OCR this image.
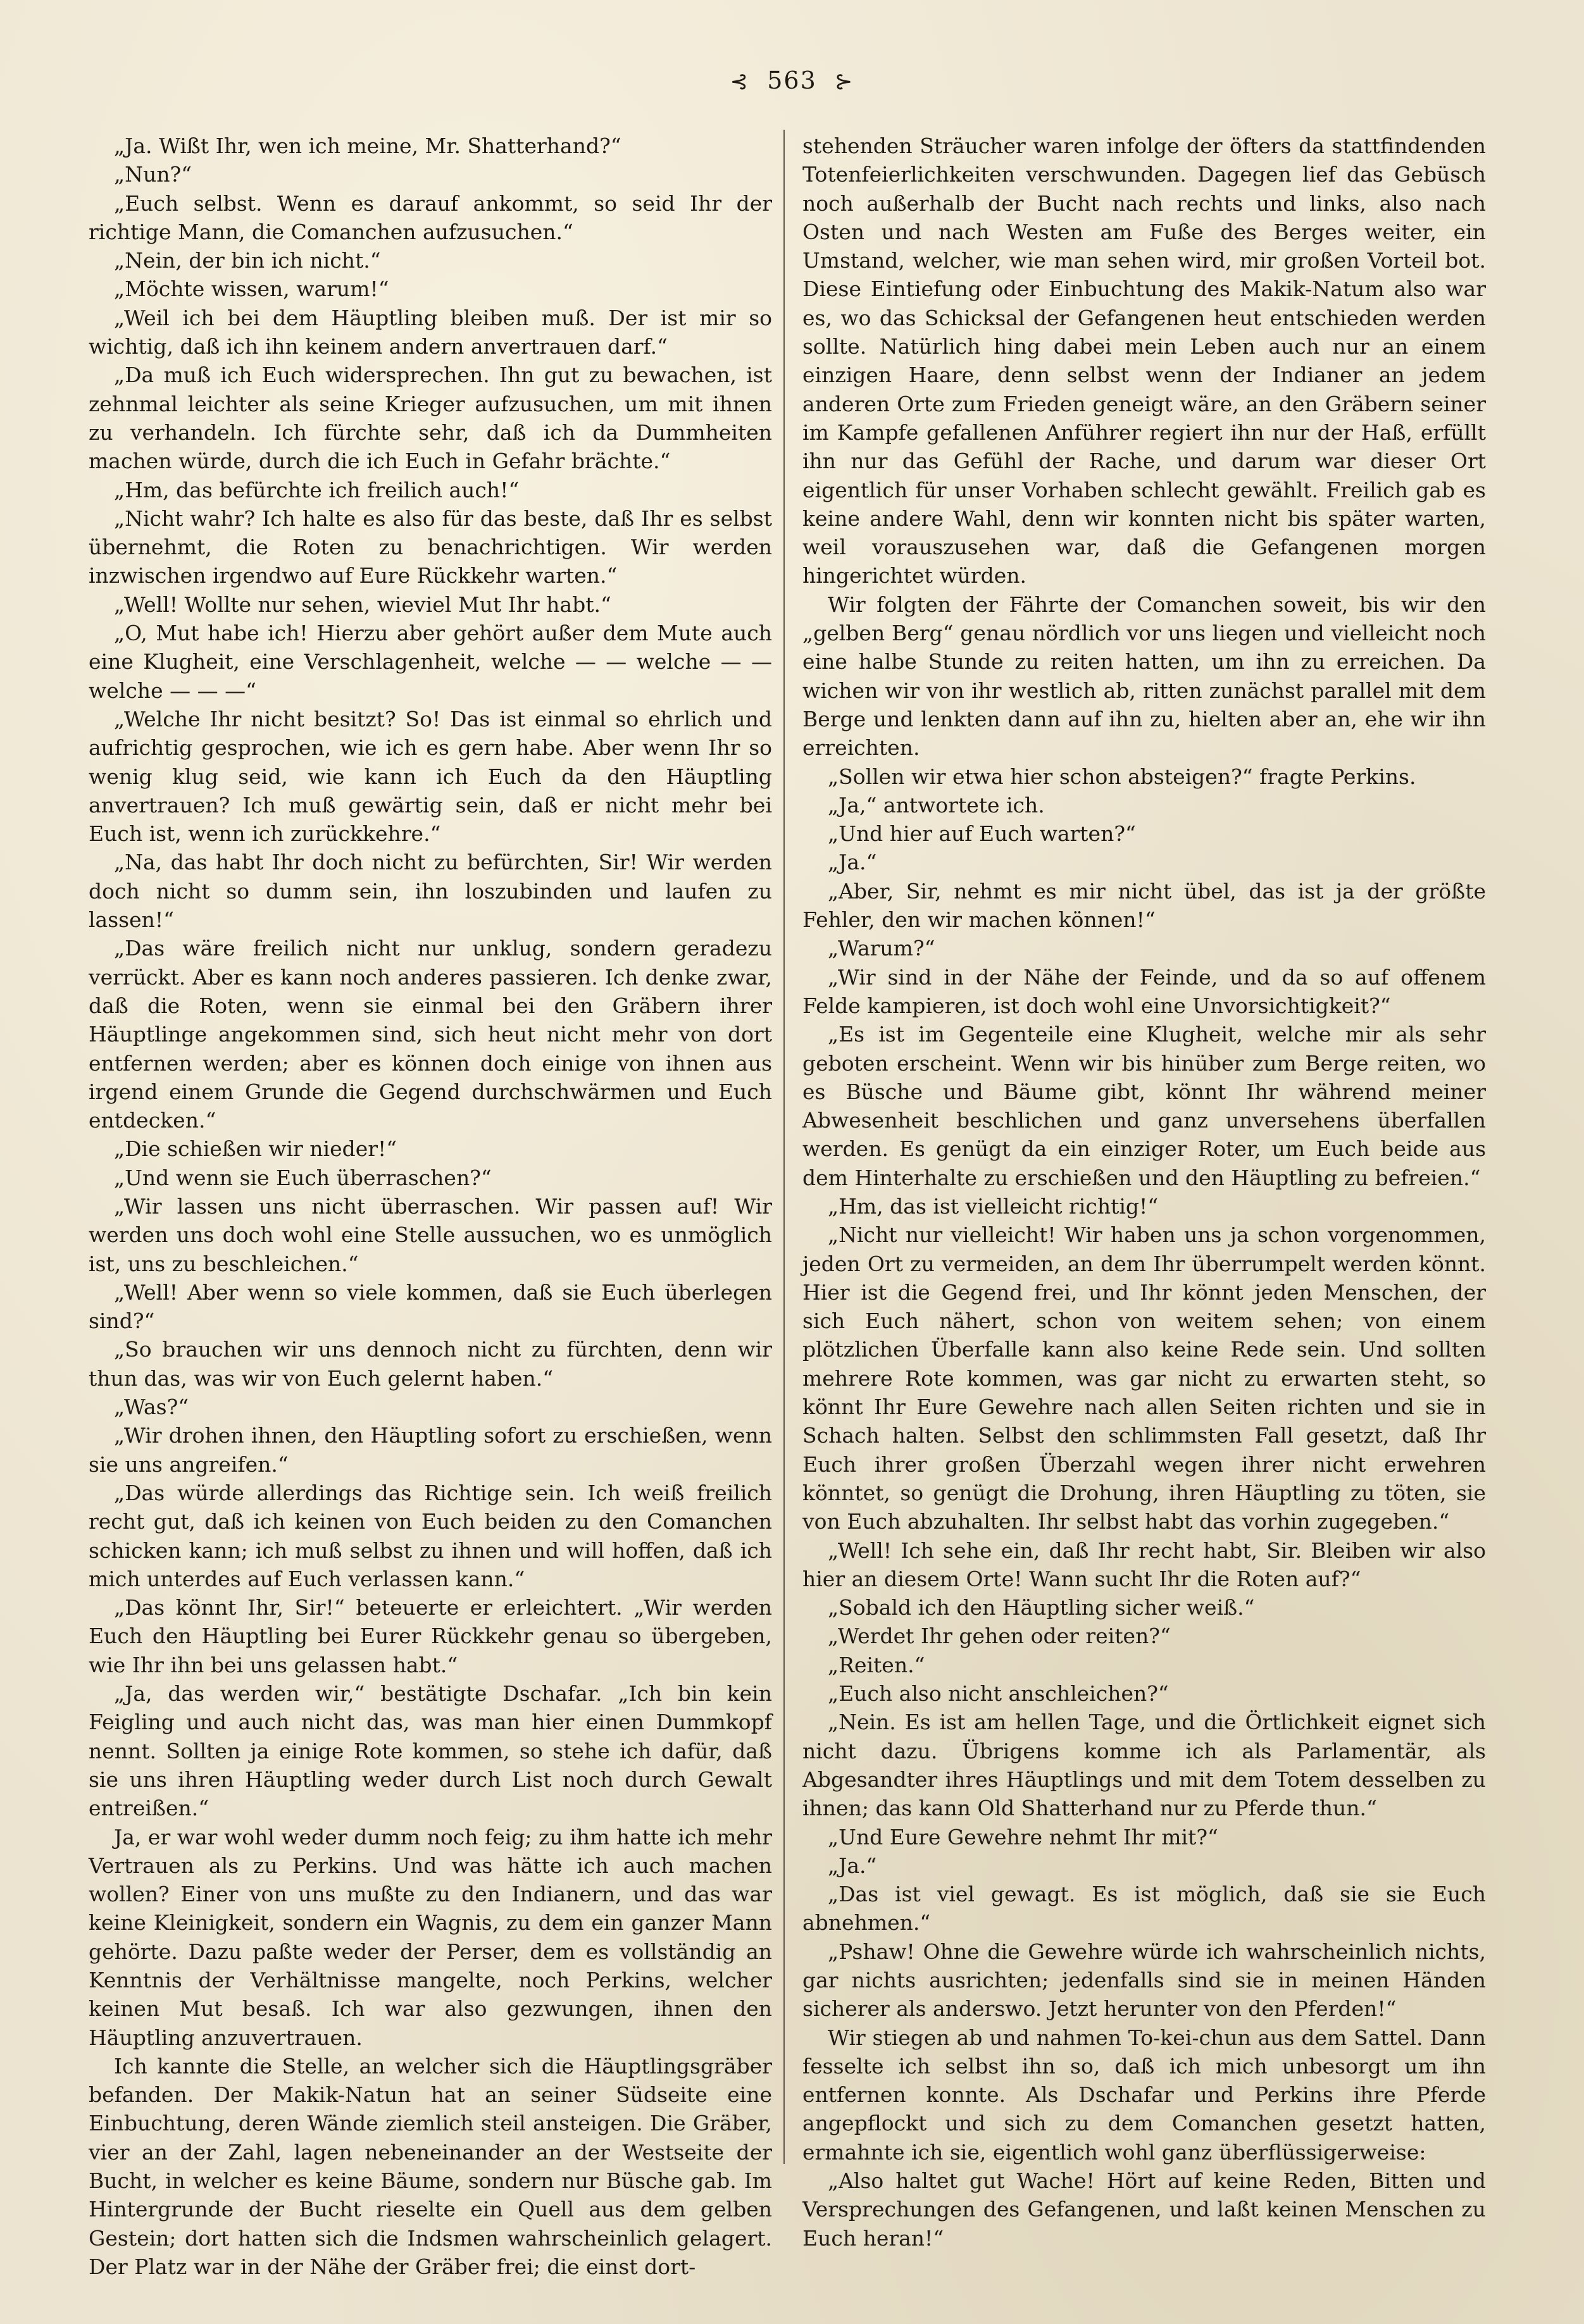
⊰ 563 ⊱

„Ja. Wißt Ihr, wen ich meine, Mr. Shatterhand?“

„Nun?“

„Euch selbst. Wenn es darauf ankommt, so seid Ihr der richtige Mann, die Comanchen aufzusuchen.“

„Nein, der bin ich nicht.“

„Möchte wissen, warum!“

„Weil ich bei dem Häuptling bleiben muß. Der ist mir so wichtig, daß ich ihn keinem andern anvertrauen darf.“

„Da muß ich Euch widersprechen. Ihn gut zu bewachen, ist zehnmal leichter als seine Krieger aufzusuchen, um mit ihnen zu verhandeln. Ich fürchte sehr, daß ich da Dummheiten machen würde, durch die ich Euch in Gefahr brächte.“

„Hm, das befürchte ich freilich auch!“

„Nicht wahr? Ich halte es also für das beste, daß Ihr es selbst übernehmt, die Roten zu benachrichtigen. Wir werden inzwischen irgendwo auf Eure Rückkehr warten.“

„Well! Wollte nur sehen, wieviel Mut Ihr habt.“

„O, Mut habe ich! Hierzu aber gehört außer dem Mute auch eine Klugheit, eine Verschlagenheit, welche — — welche — — welche — — —“

„Welche Ihr nicht besitzt? So! Das ist einmal so ehrlich und aufrichtig gesprochen, wie ich es gern habe. Aber wenn Ihr so wenig klug seid, wie kann ich Euch da den Häuptling anvertrauen? Ich muß gewärtig sein, daß er nicht mehr bei Euch ist, wenn ich zurückkehre.“

„Na, das habt Ihr doch nicht zu befürchten, Sir! Wir werden doch nicht so dumm sein, ihn loszubinden und laufen zu lassen!“

„Das wäre freilich nicht nur unklug, sondern geradezu verrückt. Aber es kann noch anderes passieren. Ich denke zwar, daß die Roten, wenn sie einmal bei den Gräbern ihrer Häuptlinge angekommen sind, sich heut nicht mehr von dort entfernen werden; aber es können doch einige von ihnen aus irgend einem Grunde die Gegend durchschwärmen und Euch entdecken.“

„Die schießen wir nieder!“

„Und wenn sie Euch überraschen?“

„Wir lassen uns nicht überraschen. Wir passen auf! Wir werden uns doch wohl eine Stelle aussuchen, wo es unmöglich ist, uns zu beschleichen.“

„Well! Aber wenn so viele kommen, daß sie Euch überlegen sind?“

„So brauchen wir uns dennoch nicht zu fürchten, denn wir thun das, was wir von Euch gelernt haben.“

„Was?“

„Wir drohen ihnen, den Häuptling sofort zu erschießen, wenn sie uns angreifen.“

„Das würde allerdings das Richtige sein. Ich weiß freilich recht gut, daß ich keinen von Euch beiden zu den Comanchen schicken kann; ich muß selbst zu ihnen und will hoffen, daß ich mich unterdes auf Euch verlassen kann.“

„Das könnt Ihr, Sir!“ beteuerte er erleichtert. „Wir werden Euch den Häuptling bei Eurer Rückkehr genau so übergeben, wie Ihr ihn bei uns gelassen habt.“

„Ja, das werden wir,“ bestätigte Dschafar. „Ich bin kein Feigling und auch nicht das, was man hier einen Dummkopf nennt. Sollten ja einige Rote kommen, so stehe ich dafür, daß sie uns ihren Häuptling weder durch List noch durch Gewalt entreißen.“

Ja, er war wohl weder dumm noch feig; zu ihm hatte ich mehr Vertrauen als zu Perkins. Und was hätte ich auch machen wollen? Einer von uns mußte zu den Indianern, und das war keine Kleinigkeit, sondern ein Wagnis, zu dem ein ganzer Mann gehörte. Dazu paßte weder der Perser, dem es vollständig an Kenntnis der Verhältnisse mangelte, noch Perkins, welcher keinen Mut besaß. Ich war also gezwungen, ihnen den Häuptling anzuvertrauen.

Ich kannte die Stelle, an welcher sich die Häuptlingsgräber befanden. Der Makik-Natun hat an seiner Südseite eine Einbuchtung, deren Wände ziemlich steil ansteigen. Die Gräber, vier an der Zahl, lagen nebeneinander an der Westseite der Bucht, in welcher es keine Bäume, sondern nur Büsche gab. Im Hintergrunde der Bucht rieselte ein Quell aus dem gelben Gestein; dort hatten sich die Indsmen wahrscheinlich gelagert. Der Platz war in der Nähe der Gräber frei; die einst dort-

stehenden Sträucher waren infolge der öfters da stattfindenden Totenfeierlichkeiten verschwunden. Dagegen lief das Gebüsch noch außerhalb der Bucht nach rechts und links, also nach Osten und nach Westen am Fuße des Berges weiter, ein Umstand, welcher, wie man sehen wird, mir großen Vorteil bot. Diese Eintiefung oder Einbuchtung des Makik-Natum also war es, wo das Schicksal der Gefangenen heut entschieden werden sollte. Natürlich hing dabei mein Leben auch nur an einem einzigen Haare, denn selbst wenn der Indianer an jedem anderen Orte zum Frieden geneigt wäre, an den Gräbern seiner im Kampfe gefallenen Anführer regiert ihn nur der Haß, erfüllt ihn nur das Gefühl der Rache, und darum war dieser Ort eigentlich für unser Vorhaben schlecht gewählt. Freilich gab es keine andere Wahl, denn wir konnten nicht bis später warten, weil vorauszusehen war, daß die Gefangenen morgen hingerichtet würden.

Wir folgten der Fährte der Comanchen soweit, bis wir den „gelben Berg“ genau nördlich vor uns liegen und vielleicht noch eine halbe Stunde zu reiten hatten, um ihn zu erreichen. Da wichen wir von ihr westlich ab, ritten zunächst parallel mit dem Berge und lenkten dann auf ihn zu, hielten aber an, ehe wir ihn erreichten.

„Sollen wir etwa hier schon absteigen?“ fragte Perkins.

„Ja,“ antwortete ich.

„Und hier auf Euch warten?“

„Ja.“

„Aber, Sir, nehmt es mir nicht übel, das ist ja der größte Fehler, den wir machen können!“

„Warum?“

„Wir sind in der Nähe der Feinde, und da so auf offenem Felde kampieren, ist doch wohl eine Unvorsichtigkeit?“

„Es ist im Gegenteile eine Klugheit, welche mir als sehr geboten erscheint. Wenn wir bis hinüber zum Berge reiten, wo es Büsche und Bäume gibt, könnt Ihr während meiner Abwesenheit beschlichen und ganz unversehens überfallen werden. Es genügt da ein einziger Roter, um Euch beide aus dem Hinterhalte zu erschießen und den Häuptling zu befreien.“

„Hm, das ist vielleicht richtig!“

„Nicht nur vielleicht! Wir haben uns ja schon vorgenommen, jeden Ort zu vermeiden, an dem Ihr überrumpelt werden könnt. Hier ist die Gegend frei, und Ihr könnt jeden Menschen, der sich Euch nähert, schon von weitem sehen; von einem plötzlichen Überfalle kann also keine Rede sein. Und sollten mehrere Rote kommen, was gar nicht zu erwarten steht, so könnt Ihr Eure Gewehre nach allen Seiten richten und sie in Schach halten. Selbst den schlimmsten Fall gesetzt, daß Ihr Euch ihrer großen Überzahl wegen ihrer nicht erwehren könntet, so genügt die Drohung, ihren Häuptling zu töten, sie von Euch abzuhalten. Ihr selbst habt das vorhin zugegeben.“

„Well! Ich sehe ein, daß Ihr recht habt, Sir. Bleiben wir also hier an diesem Orte! Wann sucht Ihr die Roten auf?“

„Sobald ich den Häuptling sicher weiß.“

„Werdet Ihr gehen oder reiten?“

„Reiten.“

„Euch also nicht anschleichen?“

„Nein. Es ist am hellen Tage, und die Örtlichkeit eignet sich nicht dazu. Übrigens komme ich als Parlamentär, als Abgesandter ihres Häuptlings und mit dem Totem desselben zu ihnen; das kann Old Shatterhand nur zu Pferde thun.“

„Und Eure Gewehre nehmt Ihr mit?“

„Ja.“

„Das ist viel gewagt. Es ist möglich, daß sie sie Euch abnehmen.“

„Pshaw! Ohne die Gewehre würde ich wahrscheinlich nichts, gar nichts ausrichten; jedenfalls sind sie in meinen Händen sicherer als anderswo. Jetzt herunter von den Pferden!“

Wir stiegen ab und nahmen To-kei-chun aus dem Sattel. Dann fesselte ich selbst ihn so, daß ich mich unbesorgt um ihn entfernen konnte. Als Dschafar und Perkins ihre Pferde angepflockt und sich zu dem Comanchen gesetzt hatten, ermahnte ich sie, eigentlich wohl ganz überflüssigerweise:

„Also haltet gut Wache! Hört auf keine Reden, Bitten und Versprechungen des Gefangenen, und laßt keinen Menschen zu Euch heran!“
